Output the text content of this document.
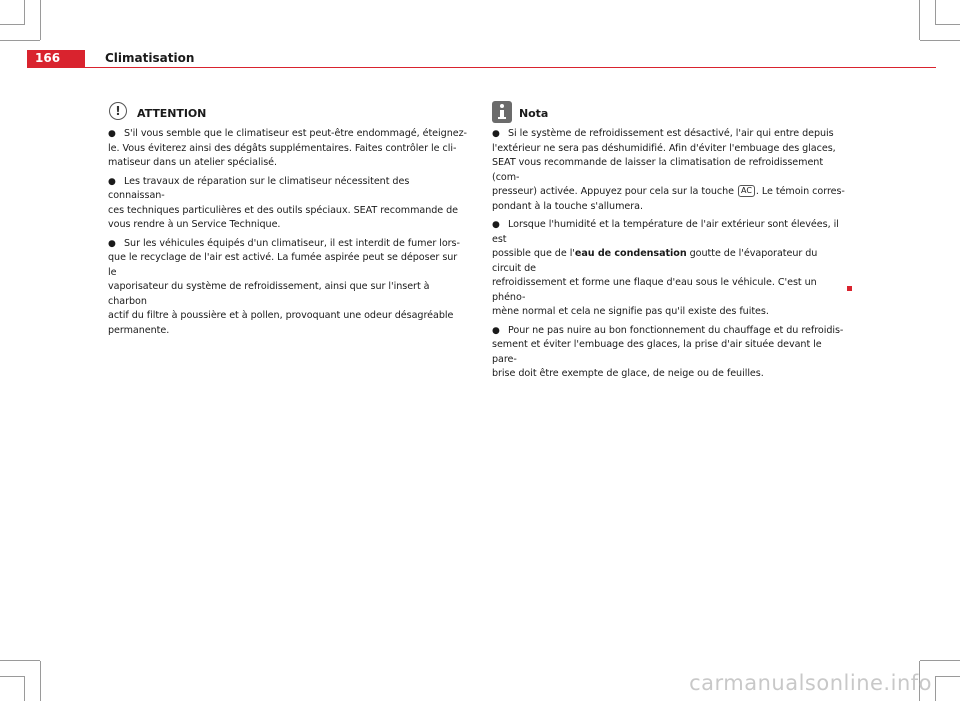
166	Climatisation
!	ATTENTION
● S'il vous semble que le climatiseur est peut-être endommagé, éteignez-
le. Vous éviterez ainsi des dégâts supplémentaires. Faites contrôler le cli-
matiseur dans un atelier spécialisé.
● Les travaux de réparation sur le climatiseur nécessitent des connaissan-
ces techniques particulières et des outils spéciaux. SEAT recommande de
vous rendre à un Service Technique.
● Sur les véhicules équipés d'un climatiseur, il est interdit de fumer lors-
que le recyclage de l'air est activé. La fumée aspirée peut se déposer sur le
vaporisateur du système de refroidissement, ainsi que sur l'insert à charbon
actif du filtre à poussière et à pollen, provoquant une odeur désagréable
permanente.
Nota
● Si le système de refroidissement est désactivé, l'air qui entre depuis
l'extérieur ne sera pas déshumidifié. Afin d'éviter l'embuage des glaces,
SEAT vous recommande de laisser la climatisation de refroidissement (com-
presseur) activée. Appuyez pour cela sur la touche AC . Le témoin corres-
pondant à la touche s'allumera.
● Lorsque l'humidité et la température de l'air extérieur sont élevées, il est
possible que de l'eau de condensation goutte de l'évaporateur du circuit de
refroidissement et forme une flaque d'eau sous le véhicule. C'est un phéno-
mène normal et cela ne signifie pas qu'il existe des fuites.
● Pour ne pas nuire au bon fonctionnement du chauffage et du refroidis-
sement et éviter l'embuage des glaces, la prise d'air située devant le pare-
brise doit être exempte de glace, de neige ou de feuilles.
carmanualsonline.info
